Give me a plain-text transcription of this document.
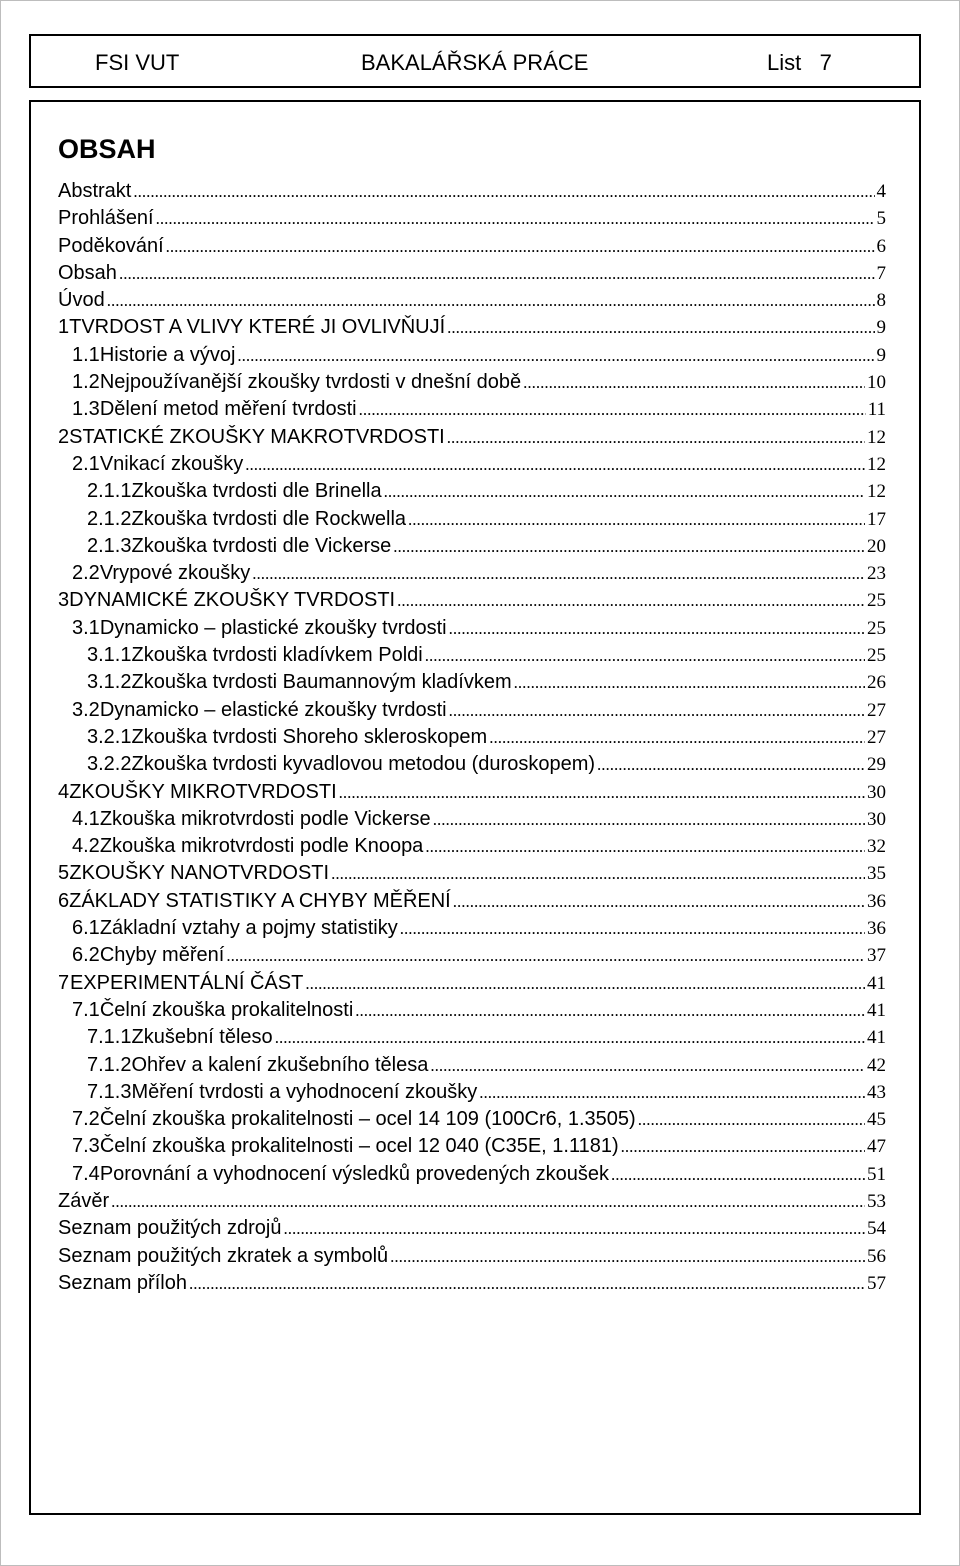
FSI VUT	BAKALÁŘSKÁ PRÁCE	List   7
OBSAH
Abstrakt .....	4
Prohlášení .....	5
Poděkování .....	6
Obsah .....	7
Úvod .....	8
1 TVRDOST A VLIVY KTERÉ JI OVLIVŇUJÍ .....	9
1.1 Historie a vývoj .....	9
1.2 Nejpoužívanější zkoušky tvrdosti v dnešní době .....	10
1.3 Dělení metod měření tvrdosti .....	11
2 STATICKÉ ZKOUŠKY MAKROTVRDOSTI .....	12
2.1 Vnikací zkoušky .....	12
2.1.1 Zkouška tvrdosti dle Brinella .....	12
2.1.2 Zkouška tvrdosti dle Rockwella .....	17
2.1.3 Zkouška tvrdosti dle Vickerse .....	20
2.2 Vrypové zkoušky .....	23
3 DYNAMICKÉ ZKOUŠKY TVRDOSTI .....	25
3.1 Dynamicko – plastické zkoušky tvrdosti .....	25
3.1.1 Zkouška tvrdosti kladívkem Poldi .....	25
3.1.2 Zkouška tvrdosti Baumannovým kladívkem .....	26
3.2 Dynamicko – elastické zkoušky tvrdosti .....	27
3.2.1 Zkouška tvrdosti Shoreho skleroskopem .....	27
3.2.2 Zkouška tvrdosti kyvadlovou metodou (duroskopem) .....	29
4 ZKOUŠKY MIKROTVRDOSTI .....	30
4.1 Zkouška mikrotvrdosti podle Vickerse .....	30
4.2 Zkouška mikrotvrdosti podle Knoopa .....	32
5 ZKOUŠKY NANOTVRDOSTI .....	35
6 ZÁKLADY STATISTIKY A CHYBY MĚŘENÍ .....	36
6.1 Základní vztahy a pojmy statistiky .....	36
6.2 Chyby měření .....	37
7 EXPERIMENTÁLNÍ ČÁST .....	41
7.1 Čelní zkouška prokalitelnosti .....	41
7.1.1 Zkušební těleso .....	41
7.1.2 Ohřev a kalení zkušebního tělesa .....	42
7.1.3 Měření tvrdosti a vyhodnocení zkoušky .....	43
7.2 Čelní zkouška prokalitelnosti – ocel 14 109 (100Cr6, 1.3505) .....	45
7.3 Čelní zkouška prokalitelnosti – ocel 12 040 (C35E, 1.1181) .....	47
7.4 Porovnání a vyhodnocení výsledků provedených zkoušek .....	51
Závěr .....	53
Seznam použitých zdrojů .....	54
Seznam použitých zkratek a symbolů .....	56
Seznam příloh .....	57
